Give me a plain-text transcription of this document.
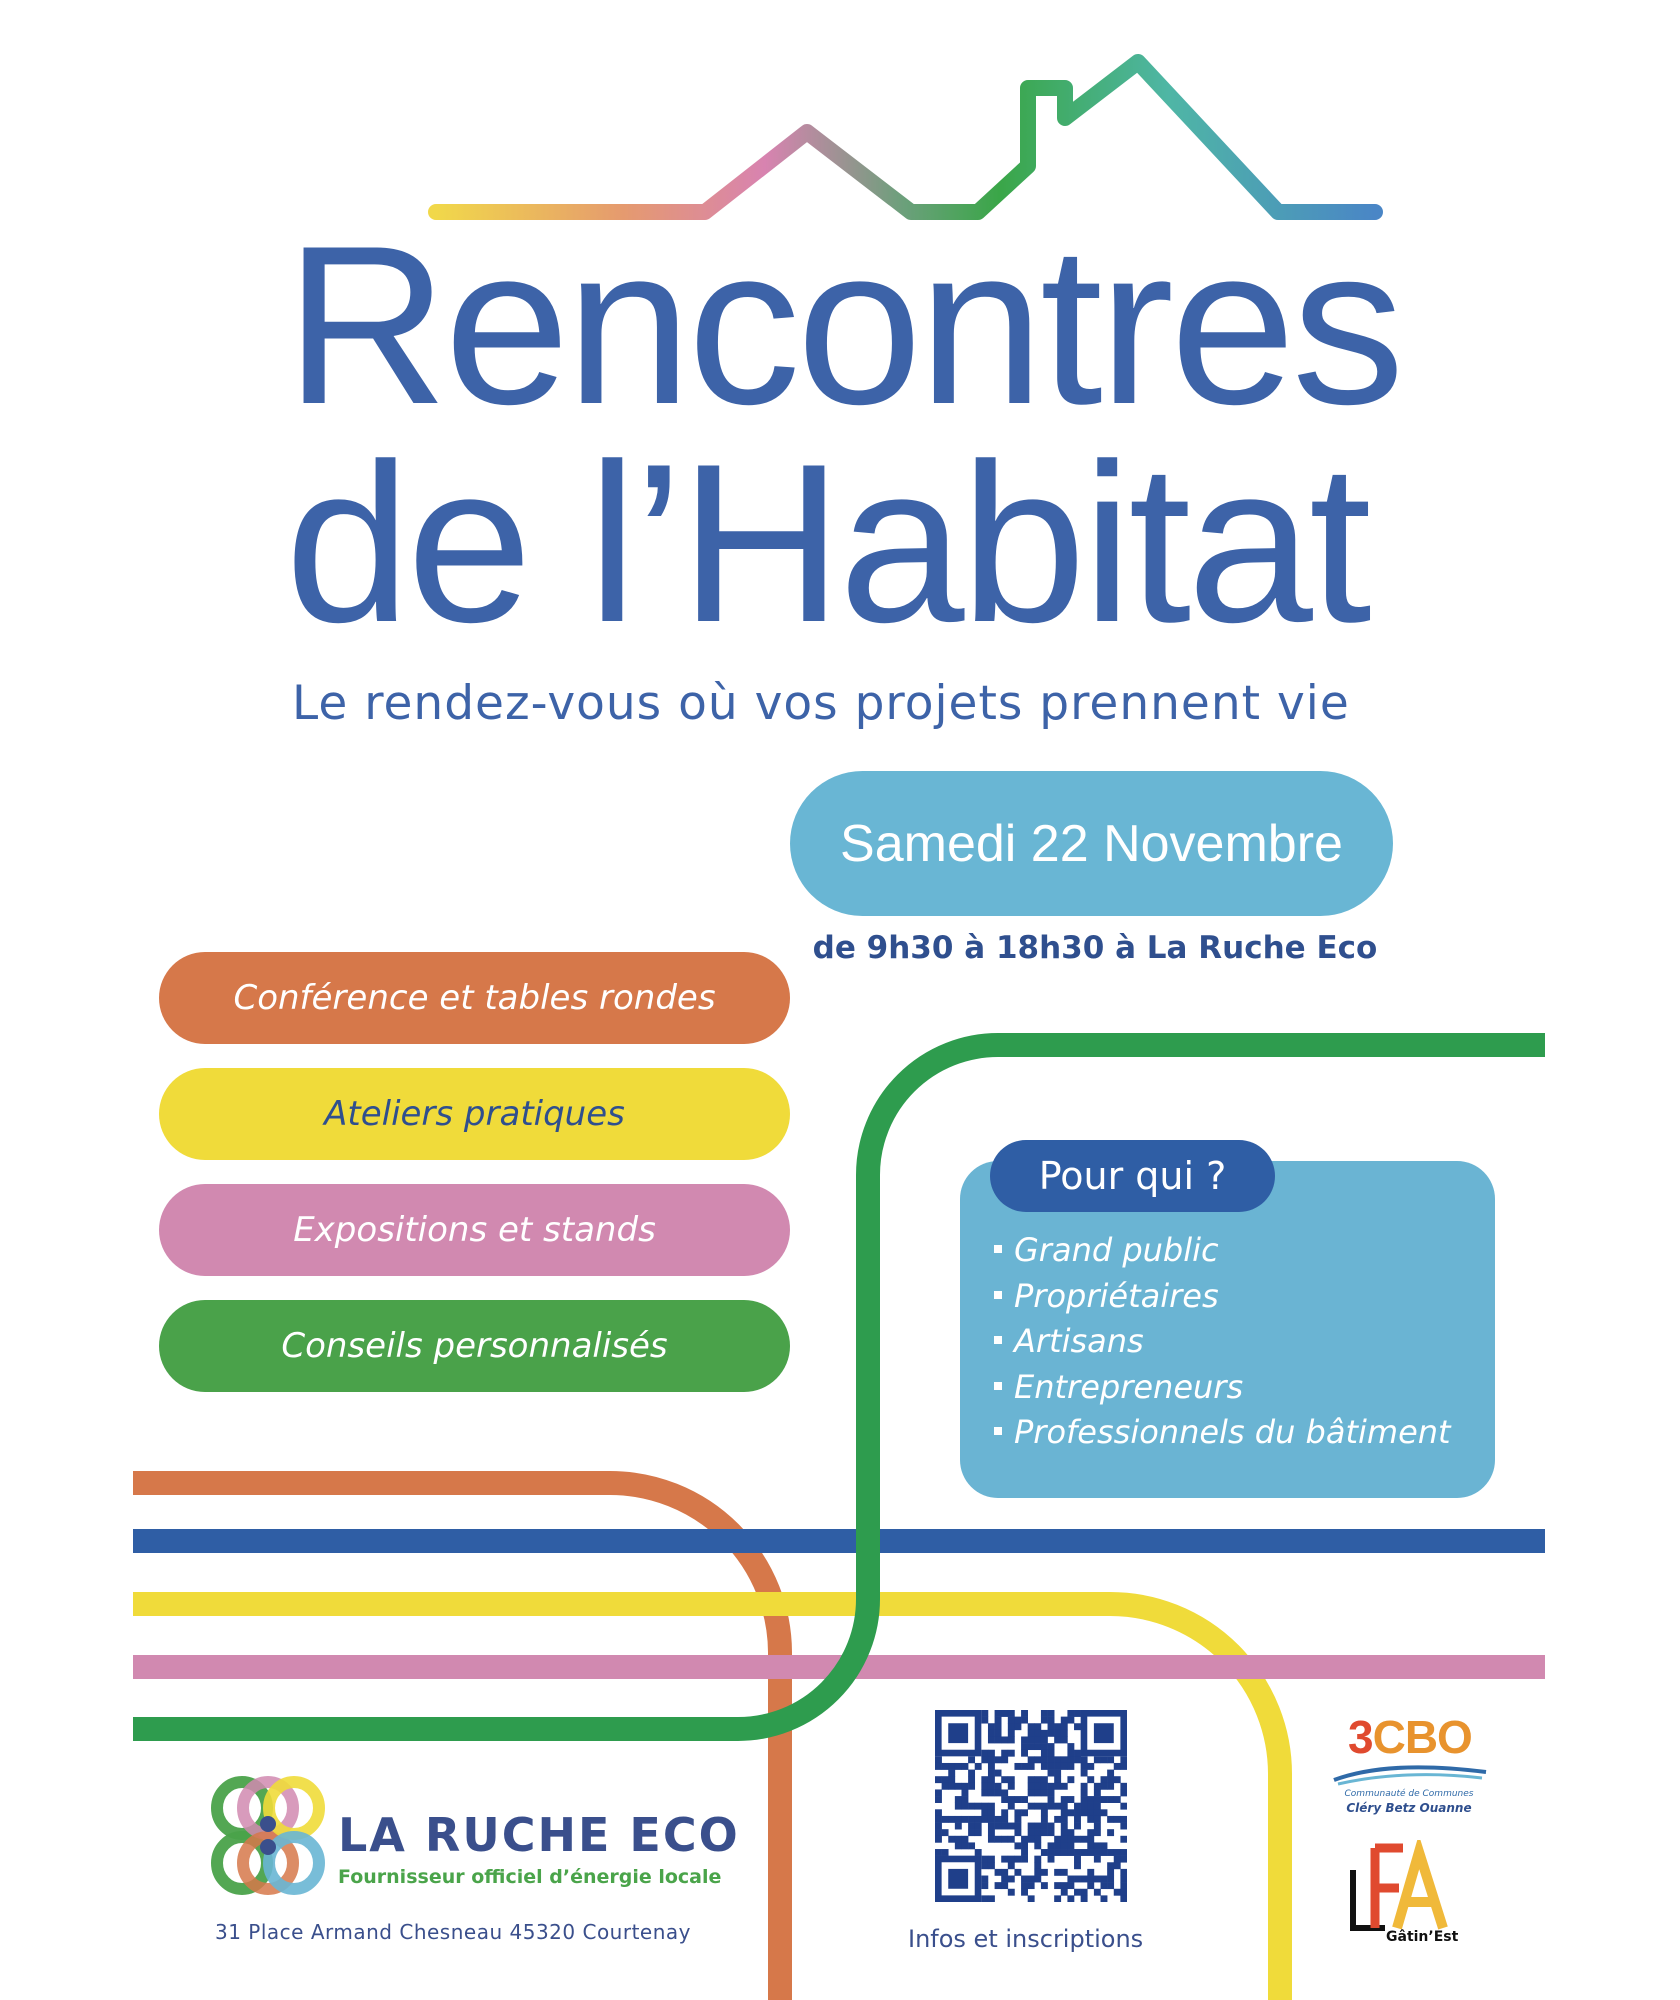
Rencontres
de l’Habitat

Le rendez-vous où vos projets prennent vie

Samedi 22 Novembre
de 9h30 à 18h30 à La Ruche Eco
Conférence et tables rondes
Ateliers pratiques
Expositions et stands
Conseils personnalisés
Pour qui ?
Grand public
Propriétaires
Artisans
Entrepreneurs
Professionnels du bâtiment
LA RUCHE ECO
Fournisseur officiel d’énergie locale
31 Place Armand Chesneau 45320 Courtenay	Infos et inscriptions
3CBO
Communauté de Communes
Cléry Betz Ouanne
Gâtin’Est
